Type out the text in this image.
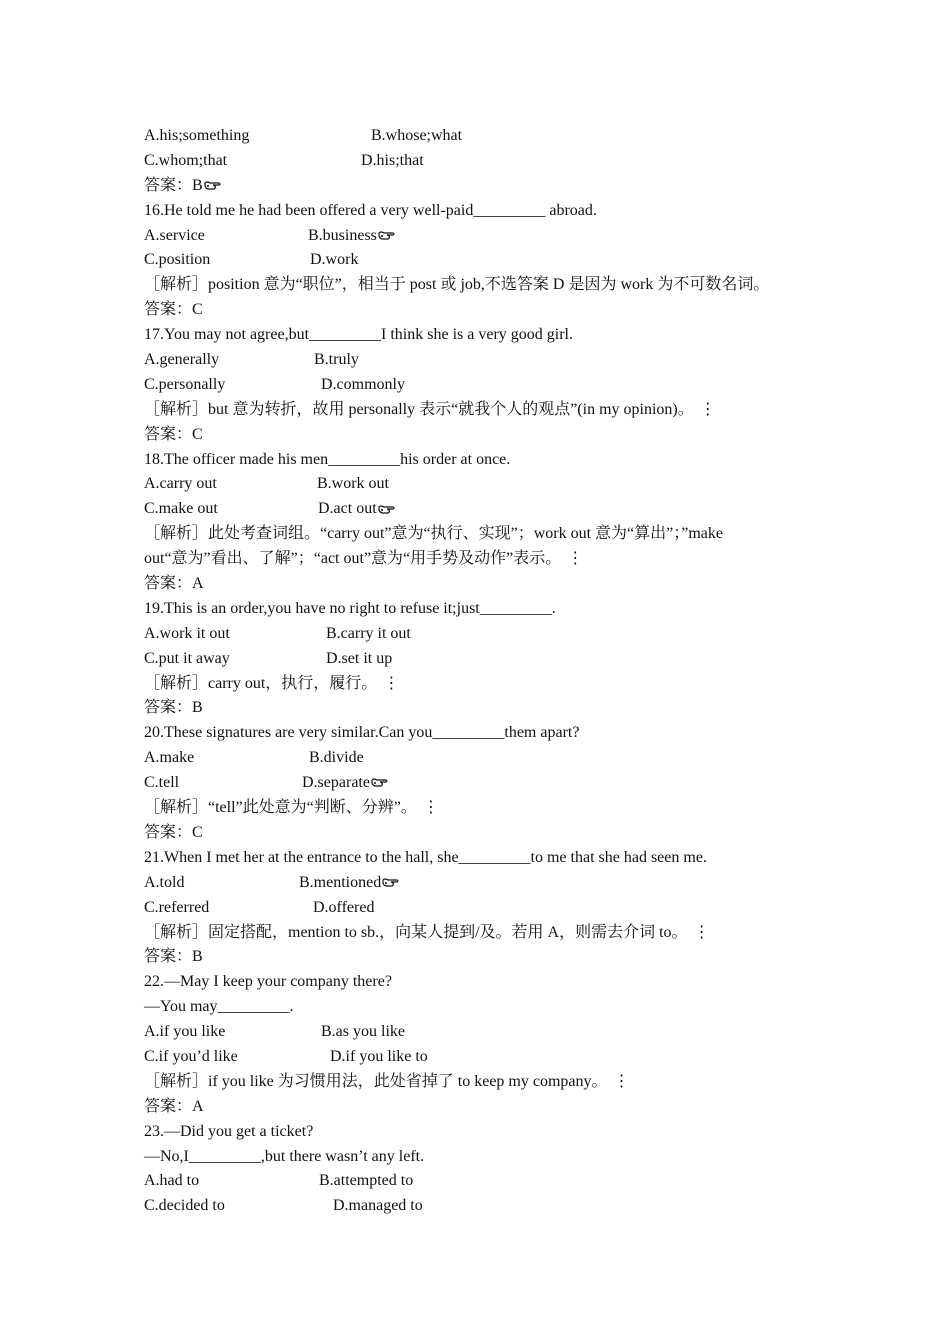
A.his;something	B.whose;what
C.whom;that	D.his;that
答案：B
16.He told me he had been offered a very well-paid_________ abroad.
A.service	B.business
C.position	D.work
［解析］position 意为“职位”，相当于 post 或 job,不选答案 D 是因为 work 为不可数名词。
答案：C
17.You may not agree,but_________I think she is a very good girl.
A.generally	B.truly
C.personally	D.commonly
［解析］but 意为转折，故用 personally 表示“就我个人的观点”(in my opinion)。 ⋮
答案：C
18.The officer made his men_________his order at once.
A.carry out	B.work out
C.make out	D.act out
［解析］此处考查词组。“carry out”意为“执行、实现”；work out 意为“算出”；”make
out“意为”看出、了解”；“act out”意为“用手势及动作”表示。 ⋮
答案：A
19.This is an order,you have no right to refuse it;just_________.
A.work it out	B.carry it out
C.put it away	D.set it up
［解析］carry out，执行，履行。 ⋮
答案：B
20.These signatures are very similar.Can you_________them apart?
A.make	B.divide
C.tell	D.separate
［解析］“tell”此处意为“判断、分辨”。 ⋮
答案：C
21.When I met her at the entrance to the hall, she_________to me that she had seen me.
A.told	B.mentioned
C.referred	D.offered
［解析］固定搭配，mention to sb.，向某人提到/及。若用 A，则需去介词 to。 ⋮
答案：B
22.—May I keep your company there?
—You may_________.
A.if you like	B.as you like
C.if you’d like	D.if you like to
［解析］if you like 为习惯用法，此处省掉了 to keep my company。 ⋮
答案：A
23.—Did you get a ticket?
—No,I_________,but there wasn’t any left.
A.had to	B.attempted to
C.decided to	D.managed to
